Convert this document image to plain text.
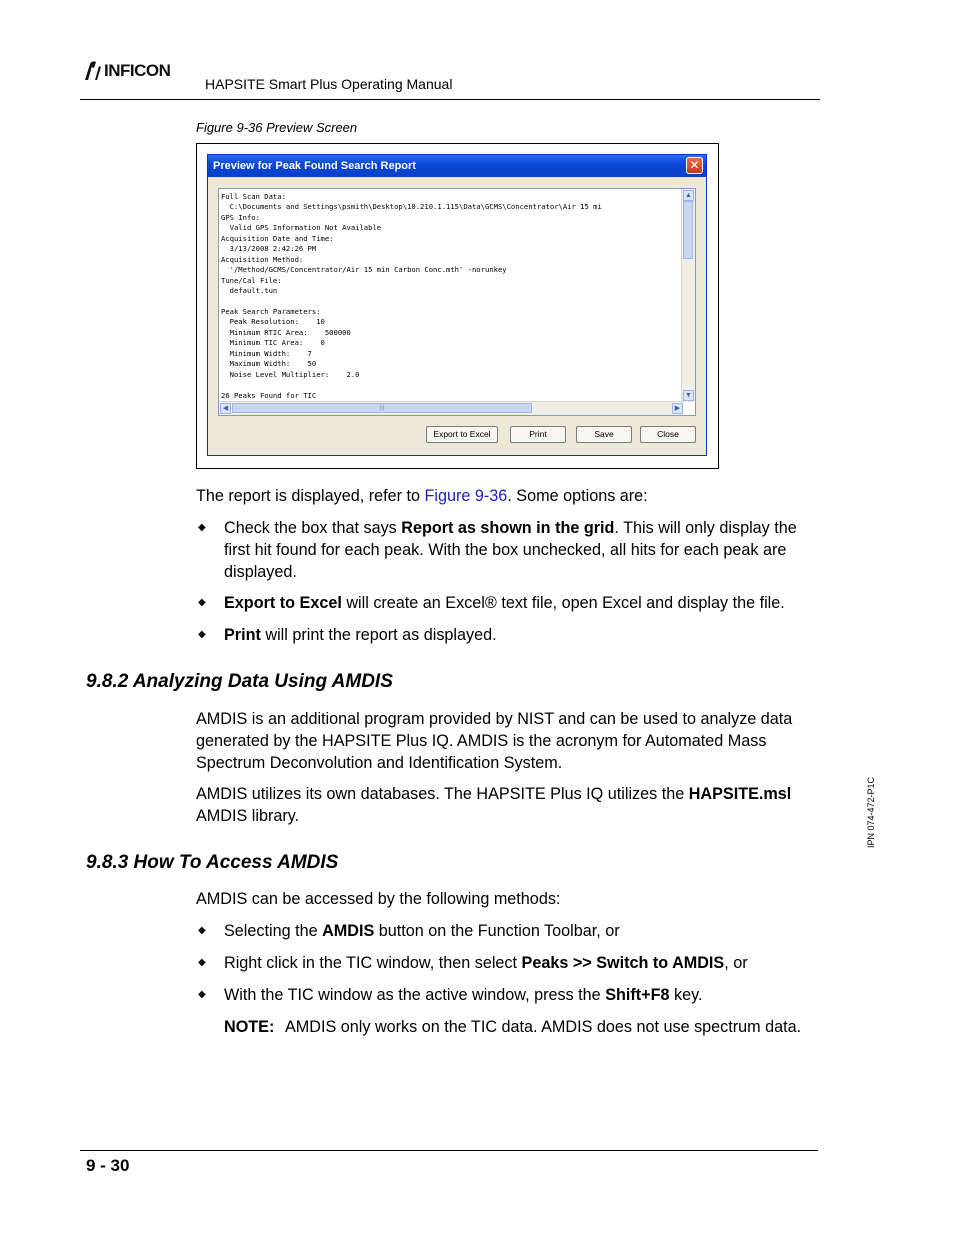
INFICON
HAPSITE Smart Plus Operating Manual
Figure 9-36 Preview Screen
Preview for Peak Found Search Report	✕
Full Scan Data:
C:\Documents and Settings\psmith\Desktop\10.210.1.115\Data\GCMS\Concentrator\Air 15 mi
GPS Info:
Valid GPS Information Not Available
Acquisition Date and Time:
3/13/2008 2:42:26 PM
Acquisition Method:
'/Method/GCMS/Concentrator/Air 15 min Carbon Conc.mth' -norunkey
Tune/Cal File:
default.tun

Peak Search Parameters:
Peak Resolution:    10
Minimum RTIC Area:    500000
Minimum TIC Area:    0
Minimum Width:    7
Maximum Width:    50
Noise Level Multiplier:    2.0

26 Peaks Found for TIC
▲
▼
◀	|||	▶
Export to Excel	Print	Save	Close
The report is displayed, refer to Figure 9-36. Some options are:
◆ Check the box that says Report as shown in the grid. This will only display the first hit found for each peak. With the box unchecked, all hits for each peak are displayed.
◆ Export to Excel will create an Excel® text file, open Excel and display the file.
◆ Print will print the report as displayed.
9.8.2 Analyzing Data Using AMDIS
AMDIS is an additional program provided by NIST and can be used to analyze data generated by the HAPSITE Plus IQ. AMDIS is the acronym for Automated Mass Spectrum Deconvolution and Identification System.
AMDIS utilizes its own databases. The HAPSITE Plus IQ utilizes the HAPSITE.msl AMDIS library.
9.8.3 How To Access AMDIS
AMDIS can be accessed by the following methods:
◆ Selecting the AMDIS button on the Function Toolbar, or
◆ Right click in the TIC window, then select Peaks >> Switch to AMDIS, or
◆ With the TIC window as the active window, press the Shift+F8 key.
NOTE: AMDIS only works on the TIC data. AMDIS does not use spectrum data.
IPN 074-472-P1C
9 - 30
